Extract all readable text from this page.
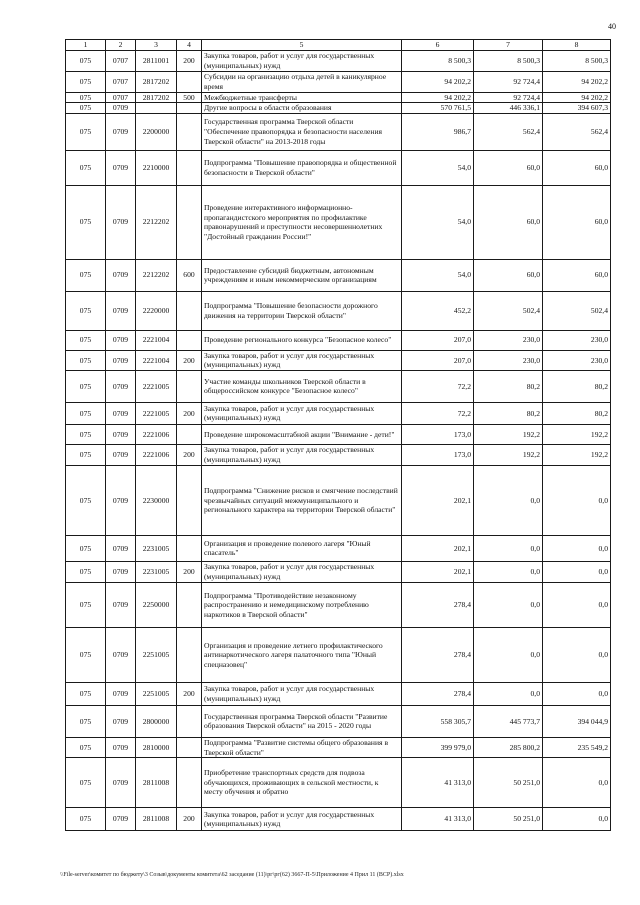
40
1	2	3	4	5	6	7	8
075	0707	2811001	200	Закупка товаров, работ и услуг для государственных (муниципальных) нужд	8 500,3	8 500,3	8 500,3
075	0707	2817202		Субсидии на организацию отдыха детей в каникулярное время	94 202,2	92 724,4	94 202,2
075	0707	2817202	500	Межбюджетные трансферты	94 202,2	92 724,4	94 202,2
075	0709			Другие вопросы в области образования	570 761,5	446 336,1	394 607,3
075	0709	2200000		Государственная программа Тверской области "Обеспечение правопорядка и безопасности населения Тверской области" на 2013-2018 годы	986,7	562,4	562,4
075	0709	2210000		Подпрограмма "Повышение правопорядка и общественной безопасности в Тверской области"	54,0	60,0	60,0
075	0709	2212202		Проведение интерактивного информационно-пропагандистского мероприятия по профилактике правонарушений и преступности несовершеннолетних "Достойный гражданин России!"	54,0	60,0	60,0
075	0709	2212202	600	Предоставление субсидий бюджетным, автономным учреждениям и иным некоммерческим организациям	54,0	60,0	60,0
075	0709	2220000		Подпрограмма "Повышение безопасности дорожного движения на территории Тверской области"	452,2	502,4	502,4
075	0709	2221004		Проведение регионального конкурса "Безопасное колесо"	207,0	230,0	230,0
075	0709	2221004	200	Закупка товаров, работ и услуг для государственных (муниципальных) нужд	207,0	230,0	230,0
075	0709	2221005		Участие команды школьников Тверской области в общероссийском конкурсе "Безопасное колесо"	72,2	80,2	80,2
075	0709	2221005	200	Закупка товаров, работ и услуг для государственных (муниципальных) нужд	72,2	80,2	80,2
075	0709	2221006		Проведение широкомасштабной акции "Внимание - дети!"	173,0	192,2	192,2
075	0709	2221006	200	Закупка товаров, работ и услуг для государственных (муниципальных) нужд	173,0	192,2	192,2
075	0709	2230000		Подпрограмма "Снижение рисков и смягчение последствий чрезвычайных ситуаций межмуниципального и регионального характера на территории Тверской области"	202,1	0,0	0,0
075	0709	2231005		Организация и проведение полевого лагеря "Юный спасатель"	202,1	0,0	0,0
075	0709	2231005	200	Закупка товаров, работ и услуг для государственных (муниципальных) нужд	202,1	0,0	0,0
075	0709	2250000		Подпрограмма "Противодействие незаконному распространению и немедицинскому потреблению наркотиков в Тверской области"	278,4	0,0	0,0
075	0709	2251005		Организация и проведение летнего профилактического антинаркотического лагеря палаточного типа "Юный спецназовец"	278,4	0,0	0,0
075	0709	2251005	200	Закупка товаров, работ и услуг для государственных (муниципальных) нужд	278,4	0,0	0,0
075	0709	2800000		Государственная программа Тверской области "Развитие образования Тверской области" на 2015 - 2020 годы	558 305,7	445 773,7	394 044,9
075	0709	2810000		Подпрограмма "Развитие системы общего образования в Тверской области"	399 979,0	285 800,2	235 549,2
075	0709	2811008		Приобретение транспортных средств для подвоза обучающихся, проживающих в сельской местности, к месту обучения и обратно	41 313,0	50 251,0	0,0
075	0709	2811008	200	Закупка товаров, работ и услуг для государственных (муниципальных) нужд	41 313,0	50 251,0	0,0
\\File-server\комитет по бюджету\3 Созыв\документы комитета\62 заседание (11)\рг\рг(62) 3667-П-5\Приложение 4 Прил 11 (ВСР).xlsx
